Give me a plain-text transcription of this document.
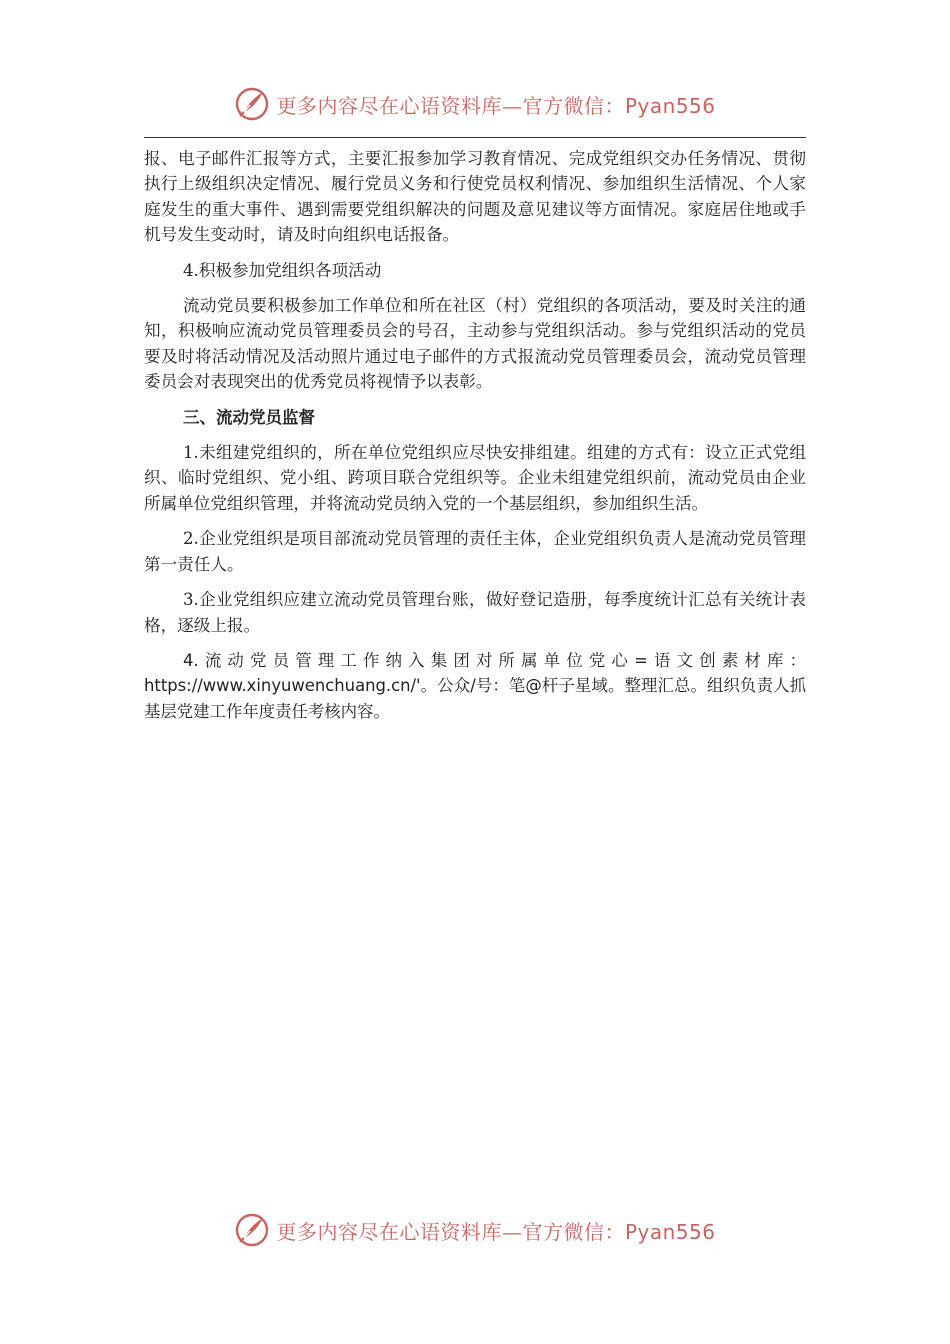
更多内容尽在心语资料库—官方微信：Pyan556

报、电子邮件汇报等方式，主要汇报参加学习教育情况、完成党组织交办任务情况、贯彻执行上级组织决定情况、履行党员义务和行使党员权利情况、参加组织生活情况、个人家庭发生的重大事件、遇到需要党组织解决的问题及意见建议等方面情况。家庭居住地或手机号发生变动时，请及时向组织电话报备。

4.积极参加党组织各项活动

流动党员要积极参加工作单位和所在社区（村）党组织的各项活动，要及时关注的通知，积极响应流动党员管理委员会的号召，主动参与党组织活动。参与党组织活动的党员要及时将活动情况及活动照片通过电子邮件的方式报流动党员管理委员会，流动党员管理委员会对表现突出的优秀党员将视情予以表彰。

三、流动党员监督

1.未组建党组织的，所在单位党组织应尽快安排组建。组建的方式有：设立正式党组织、临时党组织、党小组、跨项目联合党组织等。企业未组建党组织前，流动党员由企业所属单位党组织管理，并将流动党员纳入党的一个基层组织，参加组织生活。

2.企业党组织是项目部流动党员管理的责任主体，企业党组织负责人是流动党员管理第一责任人。

3.企业党组织应建立流动党员管理台账，做好登记造册，每季度统计汇总有关统计表格，逐级上报。

4.流动党员管理工作纳入集团对所属单位党心=语文创素材库：https://www.xinyuwenchuang.cn/'。公众/号：笔@杆子星域。整理汇总。组织负责人抓基层党建工作年度责任考核内容。

更多内容尽在心语资料库—官方微信：Pyan556
